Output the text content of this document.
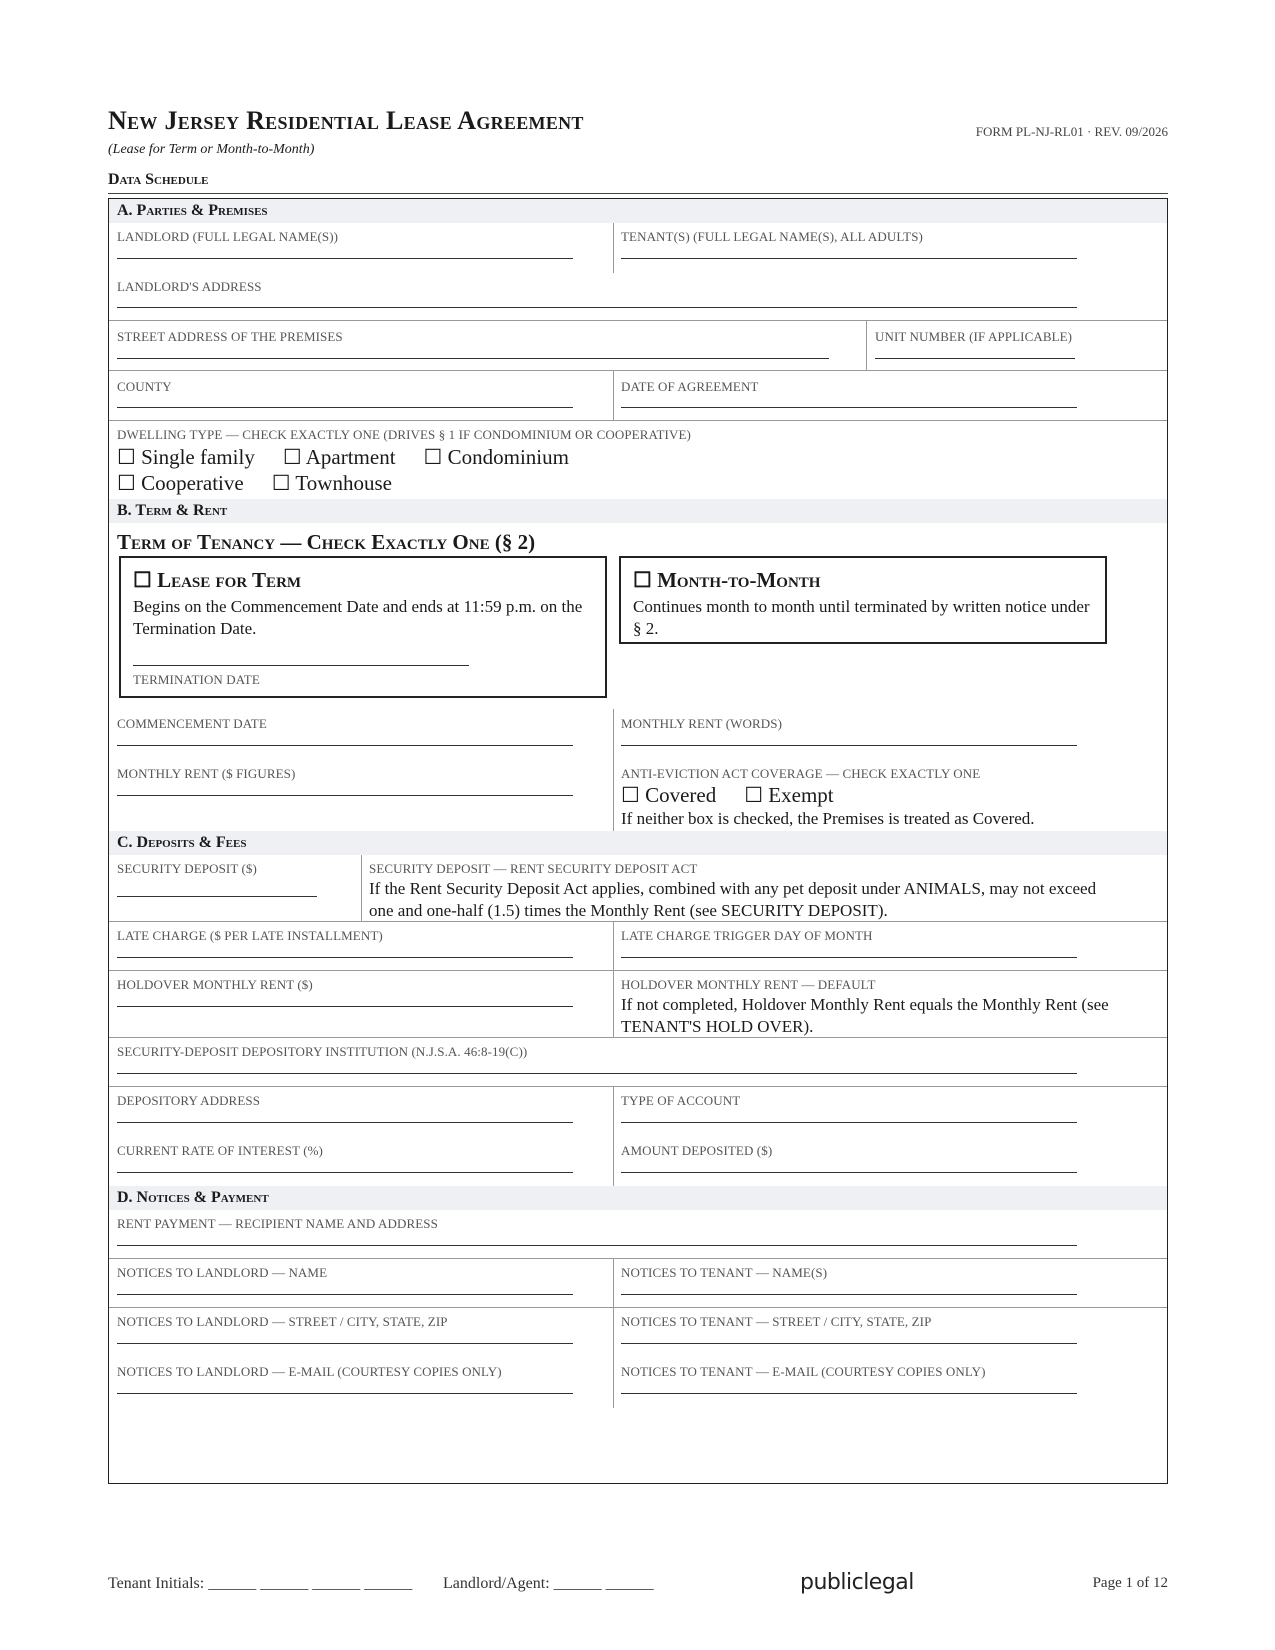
New Jersey Residential Lease Agreement
(Lease for Term or Month-to-Month)
FORM PL-NJ-RL01 · REV. 09/2026
Data Schedule
A. Parties & Premises
LANDLORD (FULL LEGAL NAME(S))	TENANT(S) (FULL LEGAL NAME(S), ALL ADULTS)
LANDLORD'S ADDRESS
STREET ADDRESS OF THE PREMISES	UNIT NUMBER (IF APPLICABLE)
COUNTY	DATE OF AGREEMENT
DWELLING TYPE — CHECK EXACTLY ONE (DRIVES § 1 IF CONDOMINIUM OR COOPERATIVE)
☐ Single family ☐ Apartment ☐ Condominium
☐ Cooperative ☐ Townhouse
B. Term & Rent
Term of Tenancy — Check Exactly One (§ 2)
☐ Lease for Term
Begins on the Commencement Date and ends at 11:59 p.m. on the Termination Date.
TERMINATION DATE
☐ Month-to-Month
Continues month to month until terminated by written notice under § 2.
COMMENCEMENT DATE	MONTHLY RENT (WORDS)
MONTHLY RENT ($ FIGURES)	ANTI-EVICTION ACT COVERAGE — CHECK EXACTLY ONE
☐ Covered ☐ Exempt
If neither box is checked, the Premises is treated as Covered.
C. Deposits & Fees
SECURITY DEPOSIT ($)	SECURITY DEPOSIT — RENT SECURITY DEPOSIT ACT
If the Rent Security Deposit Act applies, combined with any pet deposit under ANIMALS, may not exceed one and one-half (1.5) times the Monthly Rent (see SECURITY DEPOSIT).
LATE CHARGE ($ PER LATE INSTALLMENT)	LATE CHARGE TRIGGER DAY OF MONTH
HOLDOVER MONTHLY RENT ($)	HOLDOVER MONTHLY RENT — DEFAULT
If not completed, Holdover Monthly Rent equals the Monthly Rent (see TENANT'S HOLD OVER).
SECURITY-DEPOSIT DEPOSITORY INSTITUTION (N.J.S.A. 46:8-19(C))
DEPOSITORY ADDRESS	TYPE OF ACCOUNT
CURRENT RATE OF INTEREST (%)	AMOUNT DEPOSITED ($)
D. Notices & Payment
RENT PAYMENT — RECIPIENT NAME AND ADDRESS
NOTICES TO LANDLORD — NAME	NOTICES TO TENANT — NAME(S)
NOTICES TO LANDLORD — STREET / CITY, STATE, ZIP	NOTICES TO TENANT — STREET / CITY, STATE, ZIP
NOTICES TO LANDLORD — E-MAIL (COURTESY COPIES ONLY)	NOTICES TO TENANT — E-MAIL (COURTESY COPIES ONLY)
Tenant Initials: ______ ______ ______ ______ Landlord/Agent: ______ ______	publiclegal	Page 1 of 12
